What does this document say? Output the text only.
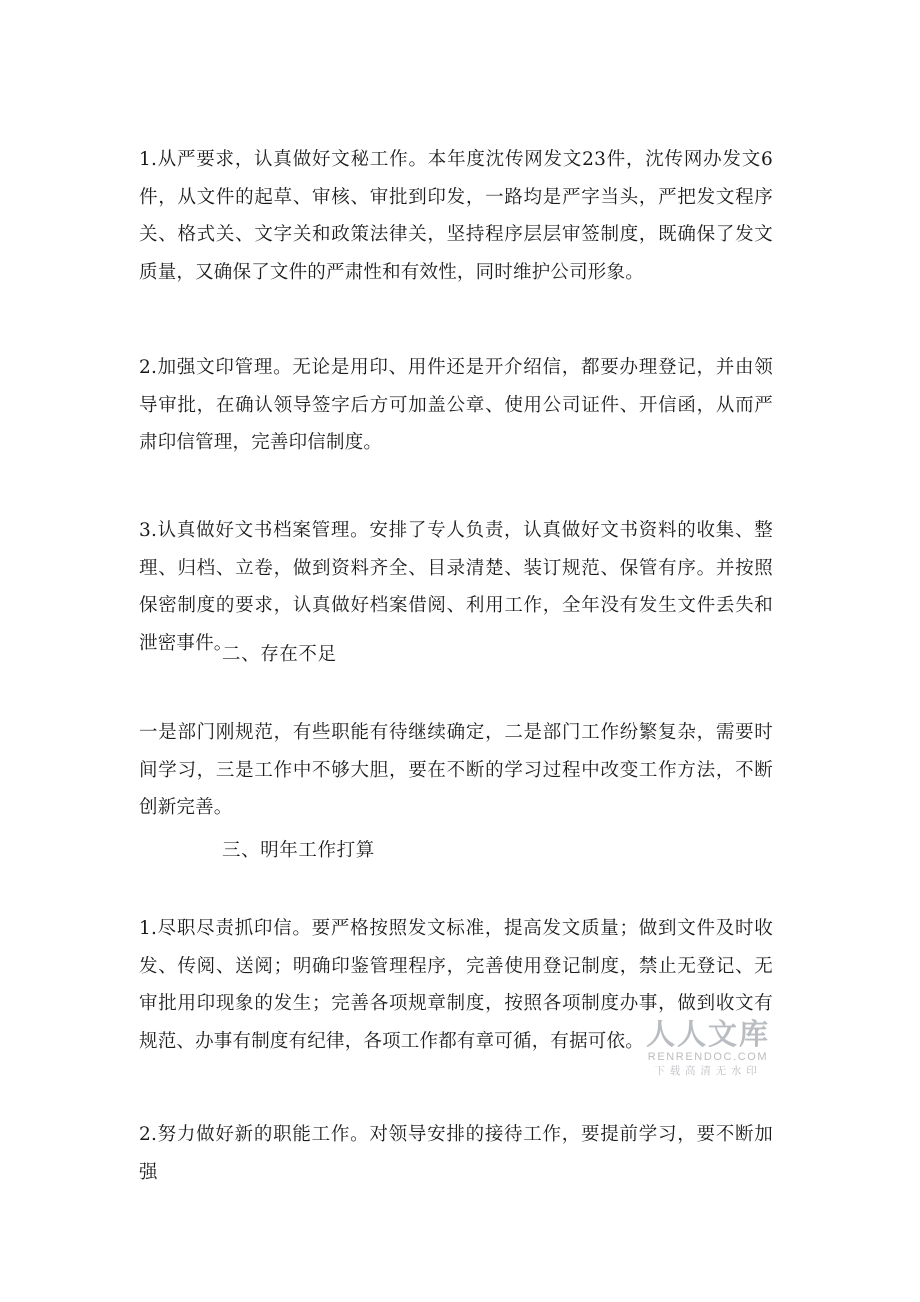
1.从严要求，认真做好文秘工作。本年度沈传网发文23件，沈传网办发文6件，从文件的起草、审核、审批到印发，一路均是严字当头，严把发文程序关、格式关、文字关和政策法律关，坚持程序层层审签制度，既确保了发文质量，又确保了文件的严肃性和有效性，同时维护公司形象。

2.加强文印管理。无论是用印、用件还是开介绍信，都要办理登记，并由领导审批，在确认领导签字后方可加盖公章、使用公司证件、开信函，从而严肃印信管理，完善印信制度。

3.认真做好文书档案管理。安排了专人负责，认真做好文书资料的收集、整理、归档、立卷，做到资料齐全、目录清楚、装订规范、保管有序。并按照保密制度的要求，认真做好档案借阅、利用工作，全年没有发生文件丢失和泄密事件。

二、存在不足

一是部门刚规范，有些职能有待继续确定，二是部门工作纷繁复杂，需要时间学习，三是工作中不够大胆，要在不断的学习过程中改变工作方法，不断创新完善。

三、明年工作打算

1.尽职尽责抓印信。要严格按照发文标准，提高发文质量；做到文件及时收发、传阅、送阅；明确印鉴管理程序，完善使用登记制度，禁止无登记、无审批用印现象的发生；完善各项规章制度，按照各项制度办事，做到收文有规范、办事有制度有纪律，各项工作都有章可循，有据可依。

2.努力做好新的职能工作。对领导安排的接待工作，要提前学习，要不断加强

人人文库
RENRENDOC.COM
下载高清无水印
